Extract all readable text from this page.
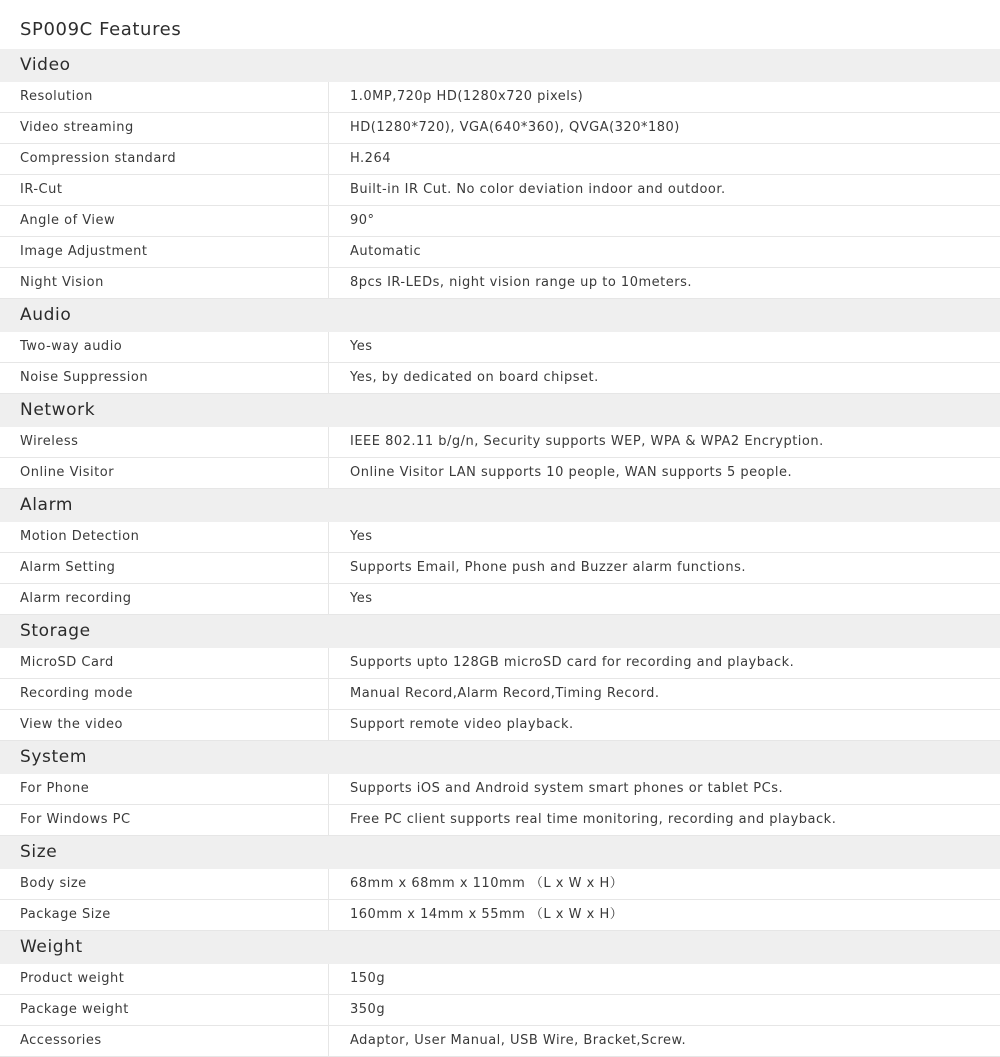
SP009C Features
Video
Resolution	1.0MP,720p HD(1280x720 pixels)
Video streaming	HD(1280*720), VGA(640*360), QVGA(320*180)
Compression standard	H.264
IR-Cut	Built-in IR Cut. No color deviation indoor and outdoor.
Angle of View	90°
Image Adjustment	Automatic
Night Vision	8pcs IR-LEDs, night vision range up to 10meters.
Audio
Two-way audio	Yes
Noise Suppression	Yes, by dedicated on board chipset.
Network
Wireless	IEEE 802.11 b/g/n, Security supports WEP, WPA & WPA2 Encryption.
Online Visitor	Online Visitor LAN supports 10 people, WAN supports 5 people.
Alarm
Motion Detection	Yes
Alarm Setting	Supports Email, Phone push and Buzzer alarm functions.
Alarm recording	Yes
Storage
MicroSD Card	Supports upto 128GB microSD card for recording and playback.
Recording mode	Manual Record,Alarm Record,Timing Record.
View the video	Support remote video playback.
System
For Phone	Supports iOS and Android system smart phones or tablet PCs.
For Windows PC	Free PC client supports real time monitoring, recording and playback.
Size
Body size	68mm x 68mm x 110mm （L x W x H）
Package Size	160mm x 14mm x 55mm （L x W x H）
Weight
Product weight	150g
Package weight	350g
Accessories	Adaptor, User Manual, USB Wire, Bracket,Screw.
